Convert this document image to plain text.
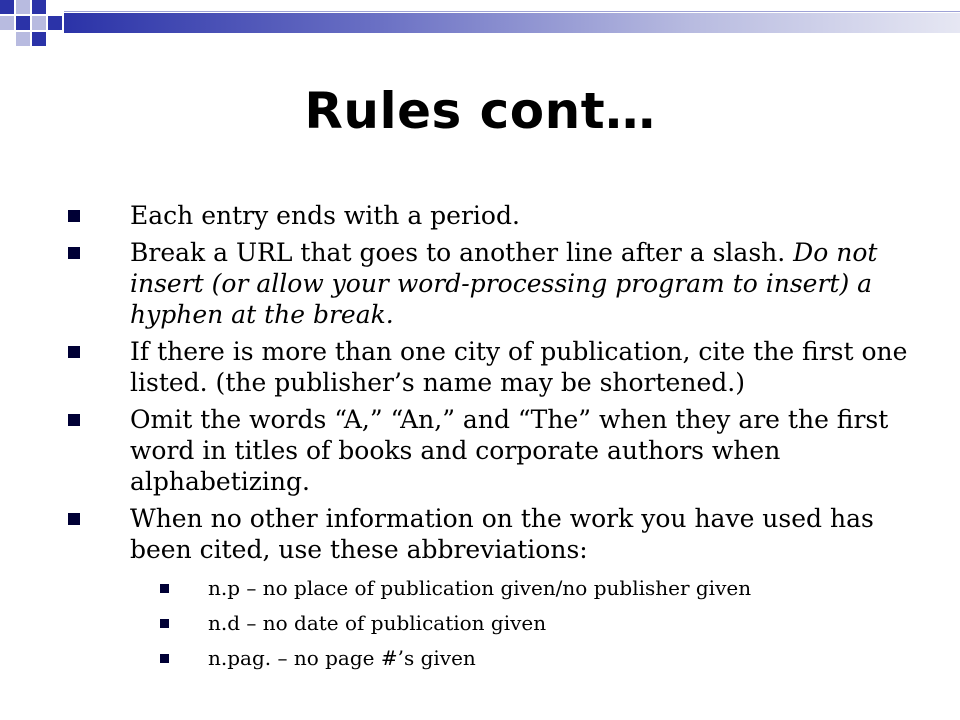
Rules cont…
Each entry ends with a period.
Break a URL that goes to another line after a slash. Do not insert (or allow your word-processing program to insert) a hyphen at the break.
If there is more than one city of publication, cite the first one listed. (the publisher’s name may be shortened.)
Omit the words “A,” “An,” and “The” when they are the first word in titles of books and corporate authors when alphabetizing.
When no other information on the work you have used has been cited, use these abbreviations:
n.p – no place of publication given/no publisher given
n.d – no date of publication given
n.pag. – no page #’s given
